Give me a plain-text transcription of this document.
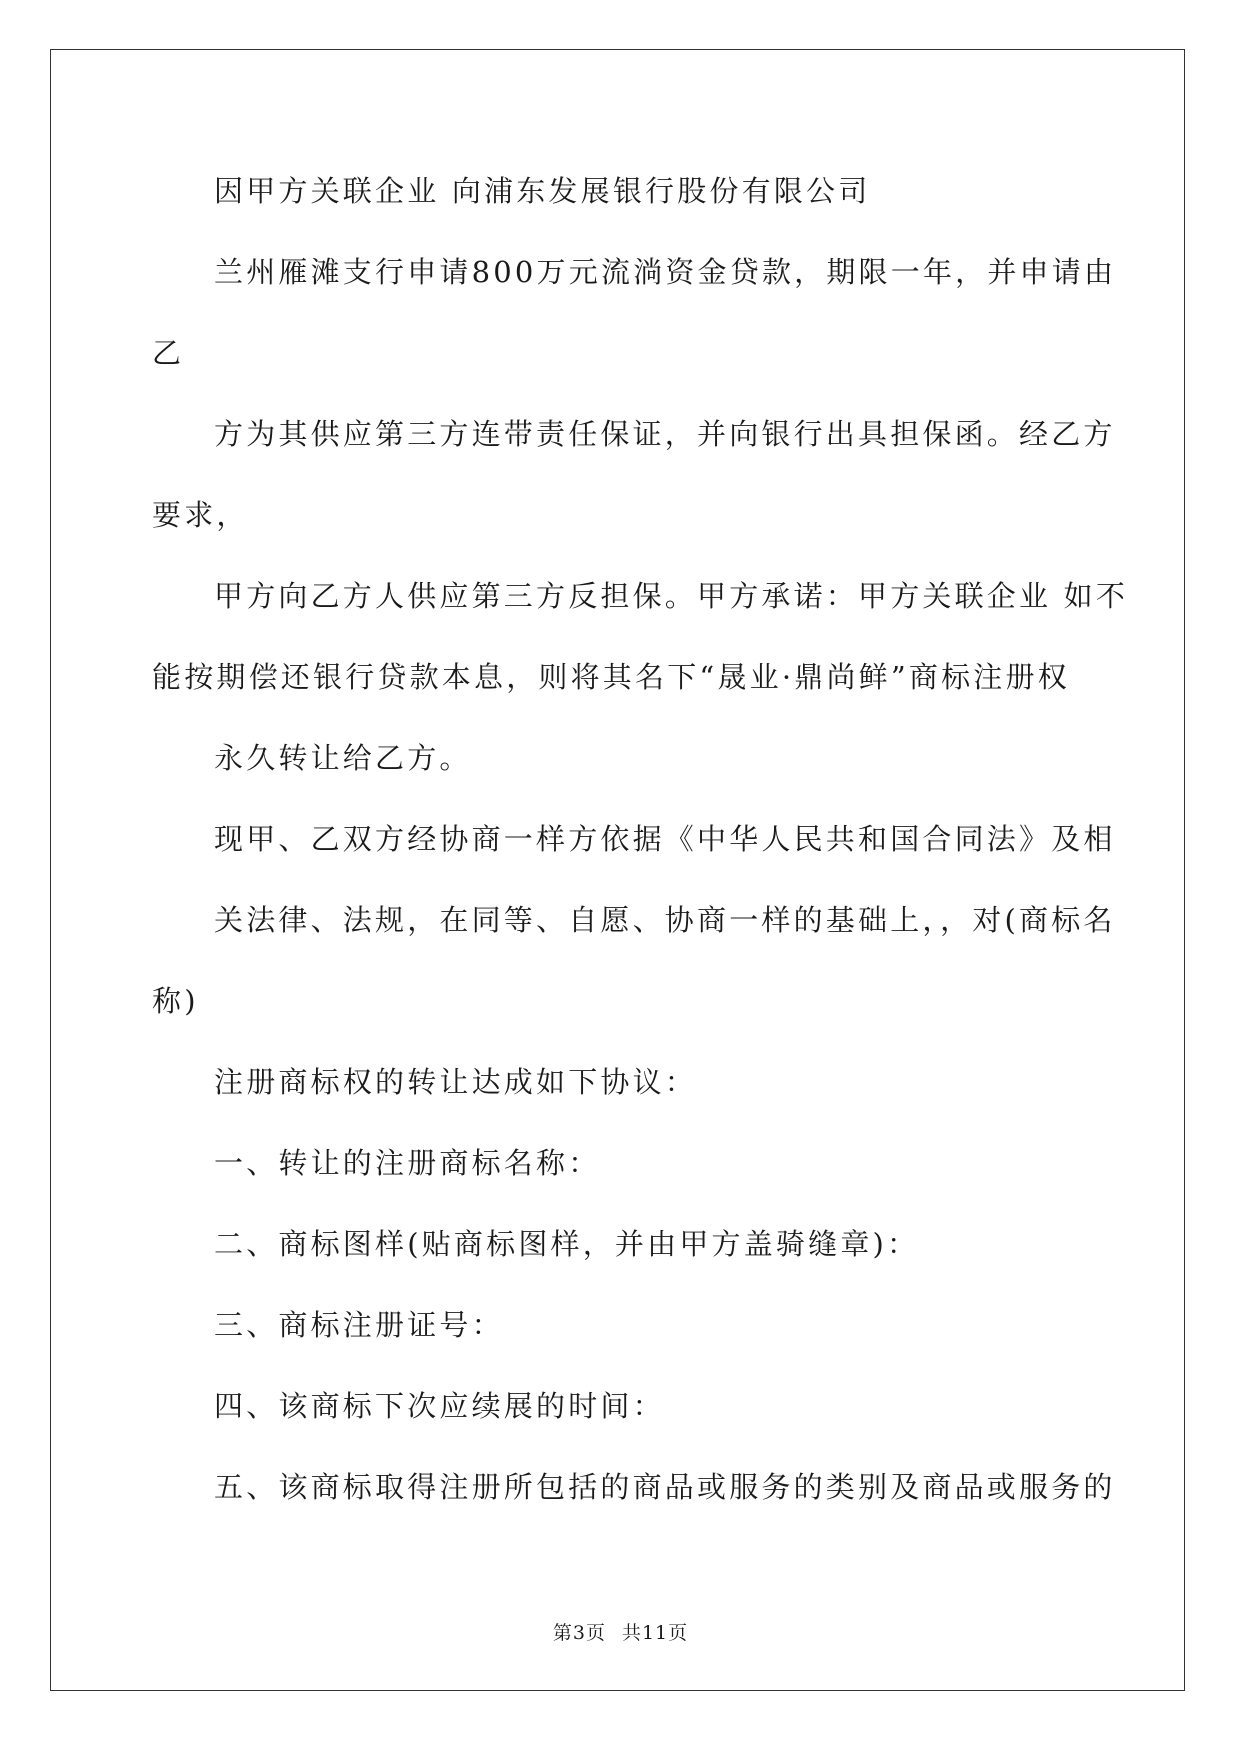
因甲方关联企业 向浦东发展银行股份有限公司
兰州雁滩支行申请800万元流淌资金贷款，期限一年，并申请由
乙
方为其供应第三方连带责任保证，并向银行出具担保函。经乙方
要求，
甲方向乙方人供应第三方反担保。甲方承诺：甲方关联企业 如不
能按期偿还银行贷款本息，则将其名下“晟业·鼎尚鲜”商标注册权
永久转让给乙方。
现甲、乙双方经协商一样方依据《中华人民共和国合同法》及相
关法律、法规，在同等、自愿、协商一样的基础上，，对(商标名
称)
注册商标权的转让达成如下协议：
一、转让的注册商标名称：
二、商标图样(贴商标图样，并由甲方盖骑缝章)：
三、商标注册证号：
四、该商标下次应续展的时间：
五、该商标取得注册所包括的商品或服务的类别及商品或服务的
第3页 共11页
